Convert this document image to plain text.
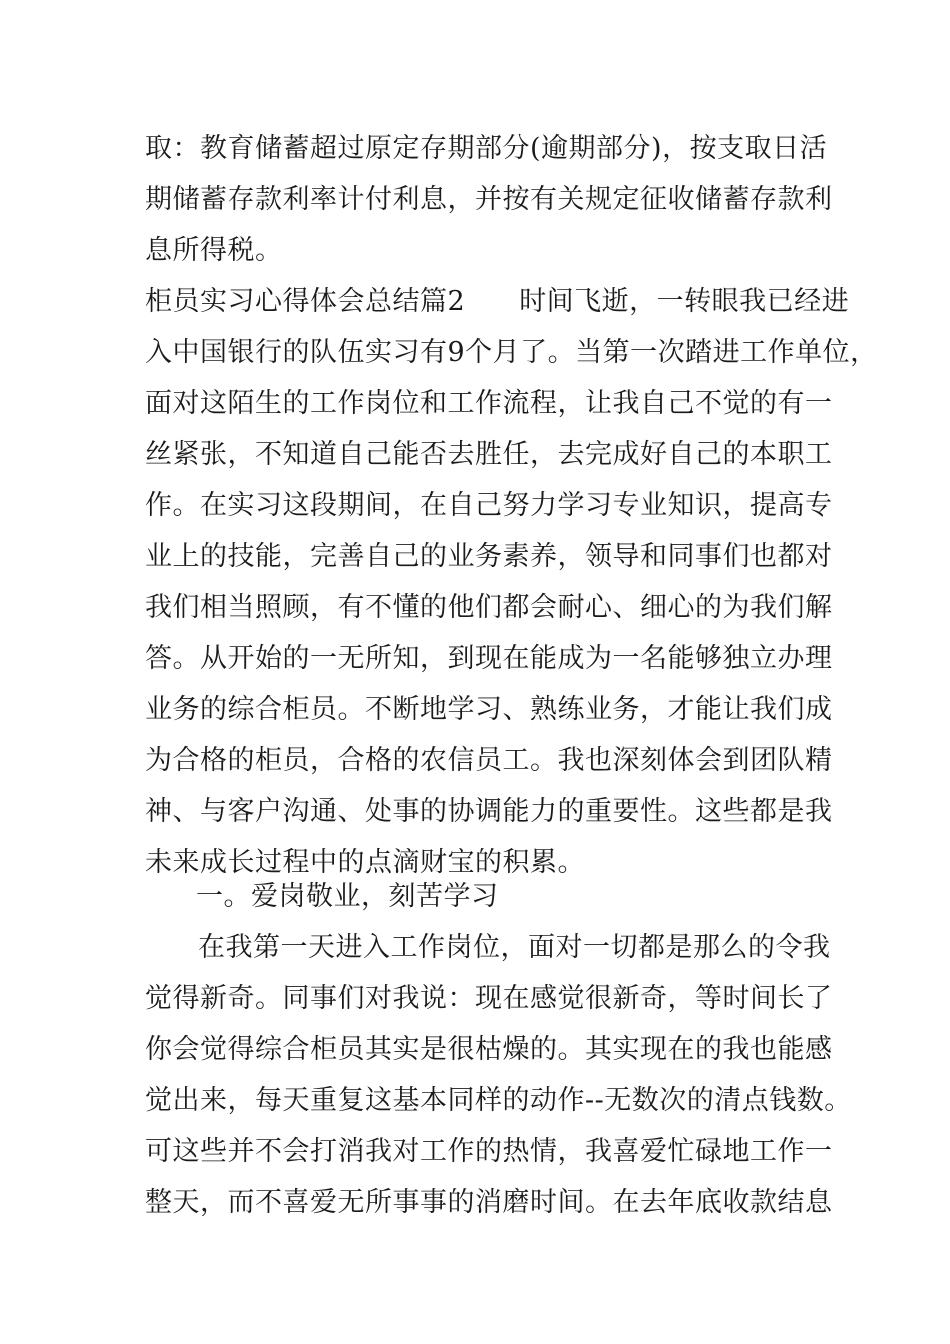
取：教育储蓄超过原定存期部分(逾期部分)，按支取日活
期储蓄存款利率计付利息，并按有关规定征收储蓄存款利
息所得税。
柜员实习心得体会总结篇2 时间飞逝，一转眼我已经进
入中国银行的队伍实习有9个月了。当第一次踏进工作单位，
面对这陌生的工作岗位和工作流程，让我自己不觉的有一
丝紧张，不知道自己能否去胜任，去完成好自己的本职工
作。在实习这段期间，在自己努力学习专业知识，提高专
业上的技能，完善自己的业务素养，领导和同事们也都对
我们相当照顾，有不懂的他们都会耐心、细心的为我们解
答。从开始的一无所知，到现在能成为一名能够独立办理
业务的综合柜员。不断地学习、熟练业务，才能让我们成
为合格的柜员，合格的农信员工。我也深刻体会到团队精
神、与客户沟通、处事的协调能力的重要性。这些都是我
未来成长过程中的点滴财宝的积累。
一。爱岗敬业，刻苦学习
在我第一天进入工作岗位，面对一切都是那么的令我
觉得新奇。同事们对我说：现在感觉很新奇，等时间长了
你会觉得综合柜员其实是很枯燥的。其实现在的我也能感
觉出来，每天重复这基本同样的动作--无数次的清点钱数。
可这些并不会打消我对工作的热情，我喜爱忙碌地工作一
整天，而不喜爱无所事事的消磨时间。在去年底收款结息
